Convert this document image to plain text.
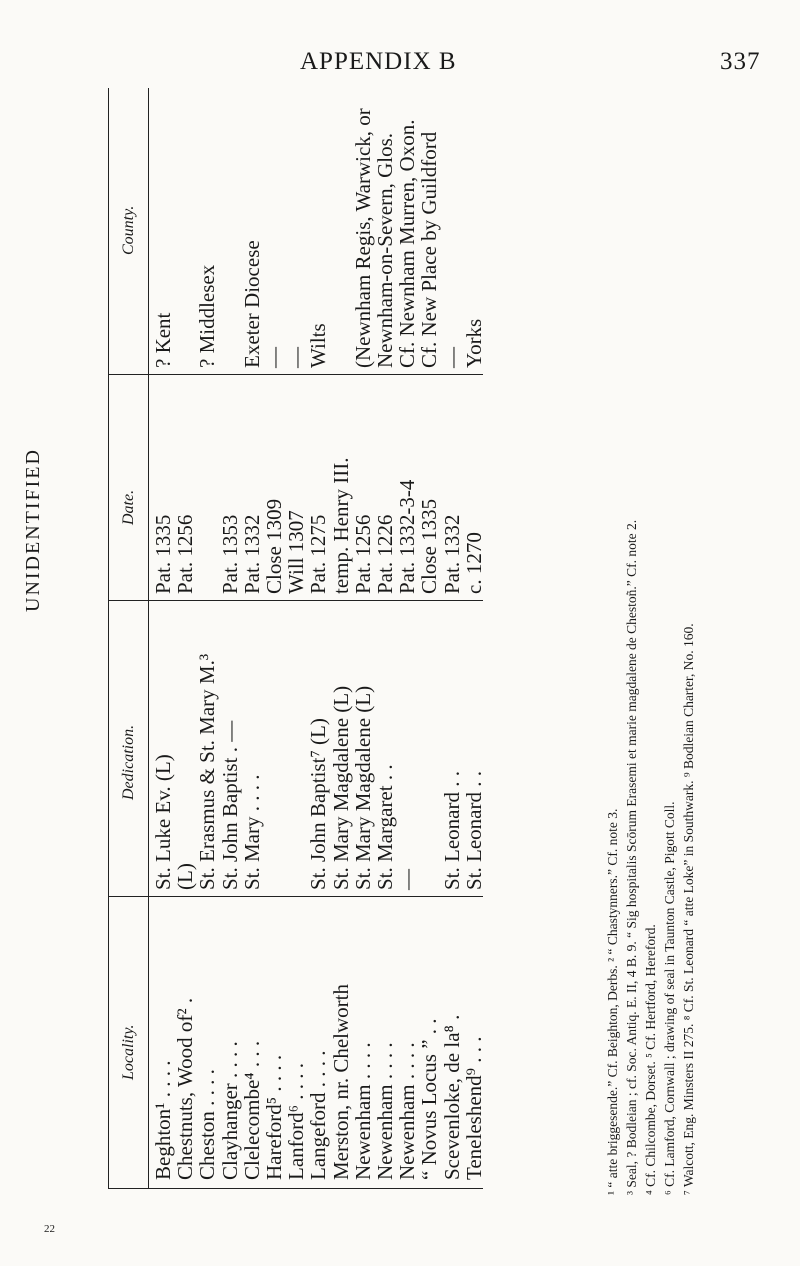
APPENDIX B	337
UNIDENTIFIED
22
Locality.
Dedication.
Date.
County.
Beghton¹ . . . .
St. Luke Ev. (L)
Pat. 1335
? Kent
Chestnuts, Wood of² .
(L)
Pat. 1256
Cheston . . . .
St. Erasmus & St. Mary M.³
? Middlesex
Clayhanger . . . .
St. John Baptist . —
Pat. 1353
Clelecombe⁴ . . .
St. Mary . . . .
Pat. 1332
Exeter Diocese
Hareford⁵ . . . .
Close 1309
—
Lanford⁶ . . . .
Will 1307
—
Langeford . . . .
St. John Baptist⁷ (L)
Pat. 1275
Wilts
Merston, nr. Chelworth
St. Mary Magdalene (L)
temp. Henry III.
Newenham . . . .
St. Mary Magdalene (L)
Pat. 1256
(Newnham Regis, Warwick, or
Newenham . . . .
St. Margaret . .
Pat. 1226
Newnham-on-Severn, Glos.
Newenham . . . .
—
Pat. 1332-3-4
Cf. Newnham Murren, Oxon.
“ Novus Locus ” . .
Close 1335
Cf. New Place by Guildford
Scevenloke, de la⁸ .
St. Leonard . .
Pat. 1332
—
Teneleshend⁹ . . .
St. Leonard . .
c. 1270
Yorks
¹ “ atte briggesende.” Cf. Beighton, Derbs. ² “ Chastynners.” Cf. note 3. ³ Seal, ? Bodleian ; cf. Soc. Antiq. E. II, 4 B. 9. “ Sig hospitalis Scōrum Erasemi et marie magdalene de Chestoñ.” Cf. note 2. ⁴ Cf. Chilcombe, Dorset. ⁵ Cf. Hertford, Hereford. ⁶ Cf. Lamford, Cornwall ; drawing of seal in Taunton Castle, Pigott Coll. ⁷ Walcott, Eng. Minsters II 275. ⁸ Cf. St. Leonard “ atte Loke” in Southwark. ⁹ Bodleian Charter, No. 160.
